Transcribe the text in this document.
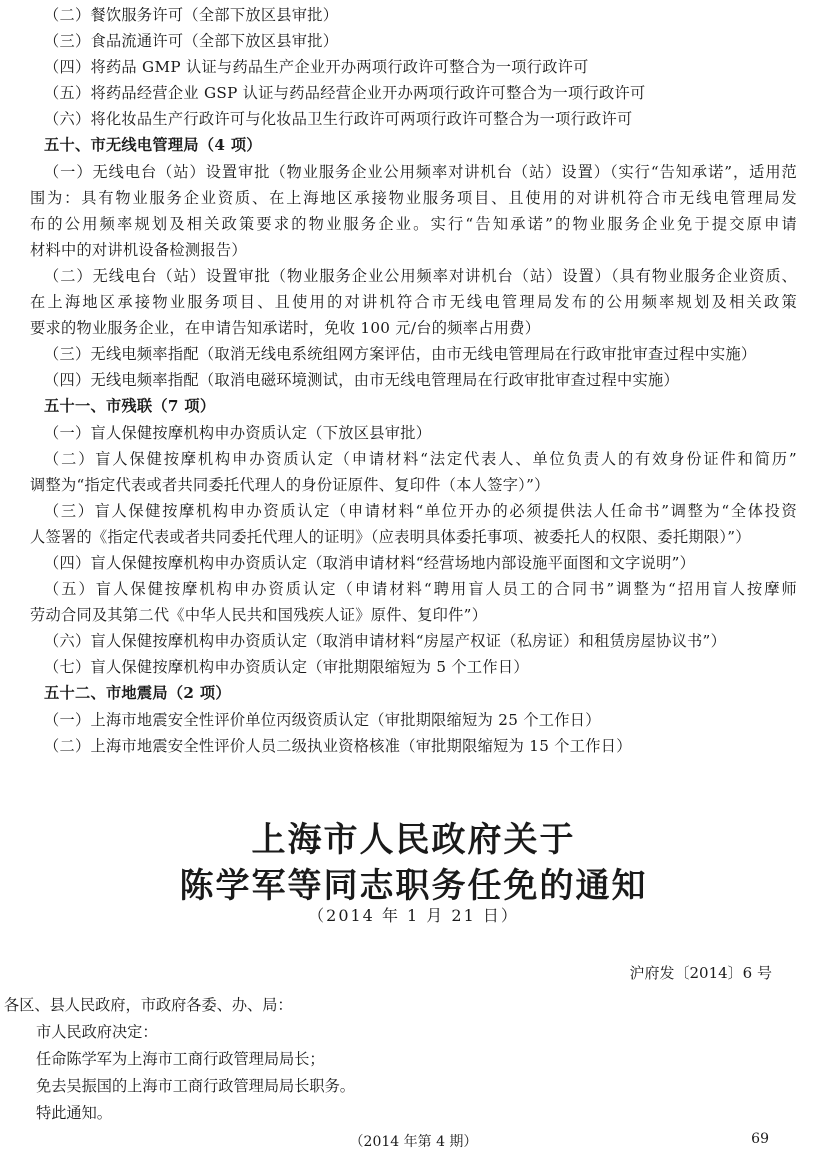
（二）餐饮服务许可（全部下放区县审批）
（三）食品流通许可（全部下放区县审批）
（四）将药品 GMP 认证与药品生产企业开办两项行政许可整合为一项行政许可
（五）将药品经营企业 GSP 认证与药品经营企业开办两项行政许可整合为一项行政许可
（六）将化妆品生产行政许可与化妆品卫生行政许可两项行政许可整合为一项行政许可
五十、市无线电管理局（4 项）
（一）无线电台（站）设置审批（物业服务企业公用频率对讲机台（站）设置）（实行“告知承诺”，适用范
围为：具有物业服务企业资质、在上海地区承接物业服务项目、且使用的对讲机符合市无线电管理局发
布的公用频率规划及相关政策要求的物业服务企业。实行“告知承诺”的物业服务企业免于提交原申请
材料中的对讲机设备检测报告）
（二）无线电台（站）设置审批（物业服务企业公用频率对讲机台（站）设置）（具有物业服务企业资质、
在上海地区承接物业服务项目、且使用的对讲机符合市无线电管理局发布的公用频率规划及相关政策
要求的物业服务企业，在申请告知承诺时，免收 100 元/台的频率占用费）
（三）无线电频率指配（取消无线电系统组网方案评估，由市无线电管理局在行政审批审查过程中实施）
（四）无线电频率指配（取消电磁环境测试，由市无线电管理局在行政审批审查过程中实施）
五十一、市残联（7 项）
（一）盲人保健按摩机构申办资质认定（下放区县审批）
（二）盲人保健按摩机构申办资质认定（申请材料“法定代表人、单位负责人的有效身份证件和简历”
调整为“指定代表或者共同委托代理人的身份证原件、复印件（本人签字）”）
（三）盲人保健按摩机构申办资质认定（申请材料“单位开办的必须提供法人任命书”调整为“全体投资
人签署的《指定代表或者共同委托代理人的证明》（应表明具体委托事项、被委托人的权限、委托期限）”）
（四）盲人保健按摩机构申办资质认定（取消申请材料“经营场地内部设施平面图和文字说明”）
（五）盲人保健按摩机构申办资质认定（申请材料“聘用盲人员工的合同书”调整为“招用盲人按摩师
劳动合同及其第二代《中华人民共和国残疾人证》原件、复印件”）
（六）盲人保健按摩机构申办资质认定（取消申请材料“房屋产权证（私房证）和租赁房屋协议书”）
（七）盲人保健按摩机构申办资质认定（审批期限缩短为 5 个工作日）
五十二、市地震局（2 项）
（一）上海市地震安全性评价单位丙级资质认定（审批期限缩短为 25 个工作日）
（二）上海市地震安全性评价人员二级执业资格核准（审批期限缩短为 15 个工作日）
上海市人民政府关于
陈学军等同志职务任免的通知
（2014 年 1 月 21 日）
沪府发〔2014〕6 号
各区、县人民政府，市政府各委、办、局：
市人民政府决定：
任命陈学军为上海市工商行政管理局局长；
免去吴振国的上海市工商行政管理局局长职务。
特此通知。
（2014 年第 4 期）	69
